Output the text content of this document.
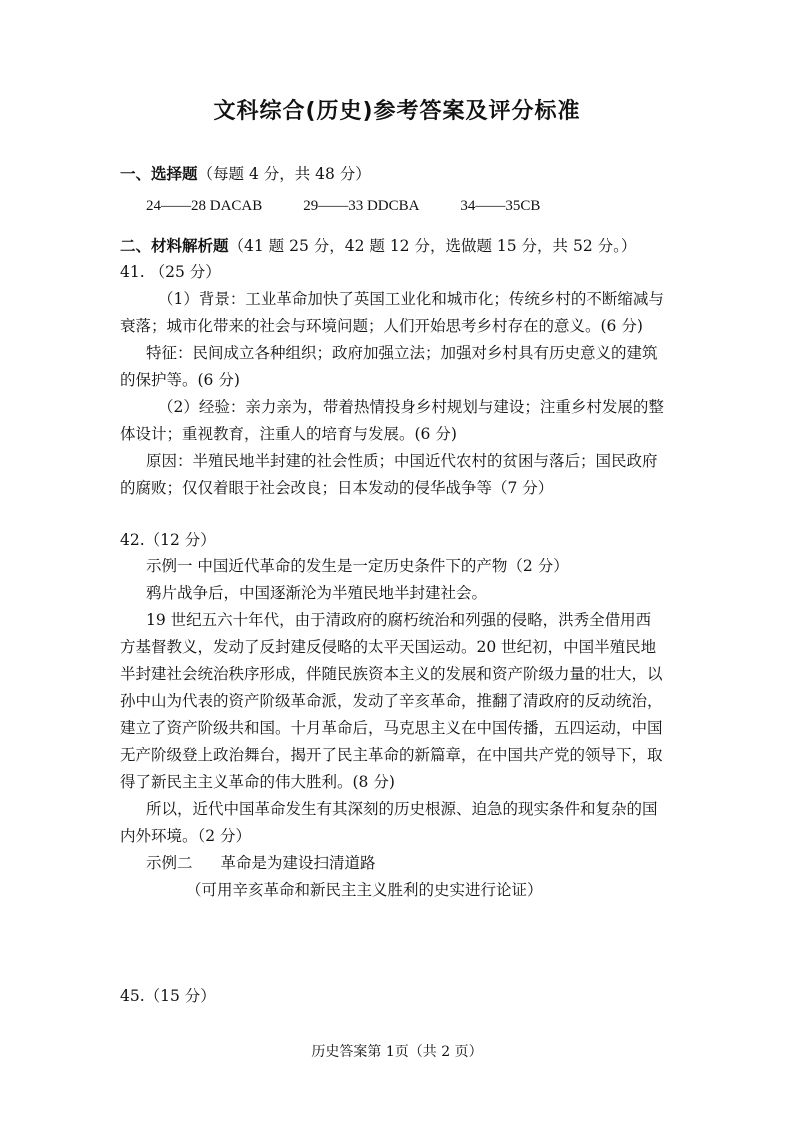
文科综合(历史)参考答案及评分标准
一、选择题（每题 4 分，共 48 分）
24——28 DACAB	29——33 DDCBA	34——35CB
二、材料解析题（41 题 25 分，42 题 12 分，选做题 15 分，共 52 分。）
41. （25 分）
（1）背景：工业革命加快了英国工业化和城市化；传统乡村的不断缩减与
衰落；城市化带来的社会与环境问题；人们开始思考乡村存在的意义。(6 分)
特征：民间成立各种组织；政府加强立法；加强对乡村具有历史意义的建筑
的保护等。(6 分)
（2）经验：亲力亲为，带着热情投身乡村规划与建设；注重乡村发展的整
体设计；重视教育，注重人的培育与发展。(6 分)
原因：半殖民地半封建的社会性质；中国近代农村的贫困与落后；国民政府
的腐败；仅仅着眼于社会改良；日本发动的侵华战争等（7 分）
42.（12 分）
示例一 中国近代革命的发生是一定历史条件下的产物（2 分）
鸦片战争后，中国逐渐沦为半殖民地半封建社会。
19 世纪五六十年代，由于清政府的腐朽统治和列强的侵略，洪秀全借用西
方基督教义，发动了反封建反侵略的太平天国运动。20 世纪初，中国半殖民地
半封建社会统治秩序形成，伴随民族资本主义的发展和资产阶级力量的壮大，以
孙中山为代表的资产阶级革命派，发动了辛亥革命，推翻了清政府的反动统治，
建立了资产阶级共和国。十月革命后，马克思主义在中国传播，五四运动，中国
无产阶级登上政治舞台，揭开了民主革命的新篇章，在中国共产党的领导下，取
得了新民主主义革命的伟大胜利。(8 分)
所以，近代中国革命发生有其深刻的历史根源、迫急的现实条件和复杂的国
内外环境。（2 分）
示例二 革命是为建设扫清道路
（可用辛亥革命和新民主主义胜利的史实进行论证）
45.（15 分）
历史答案第 1页（共 2 页）
